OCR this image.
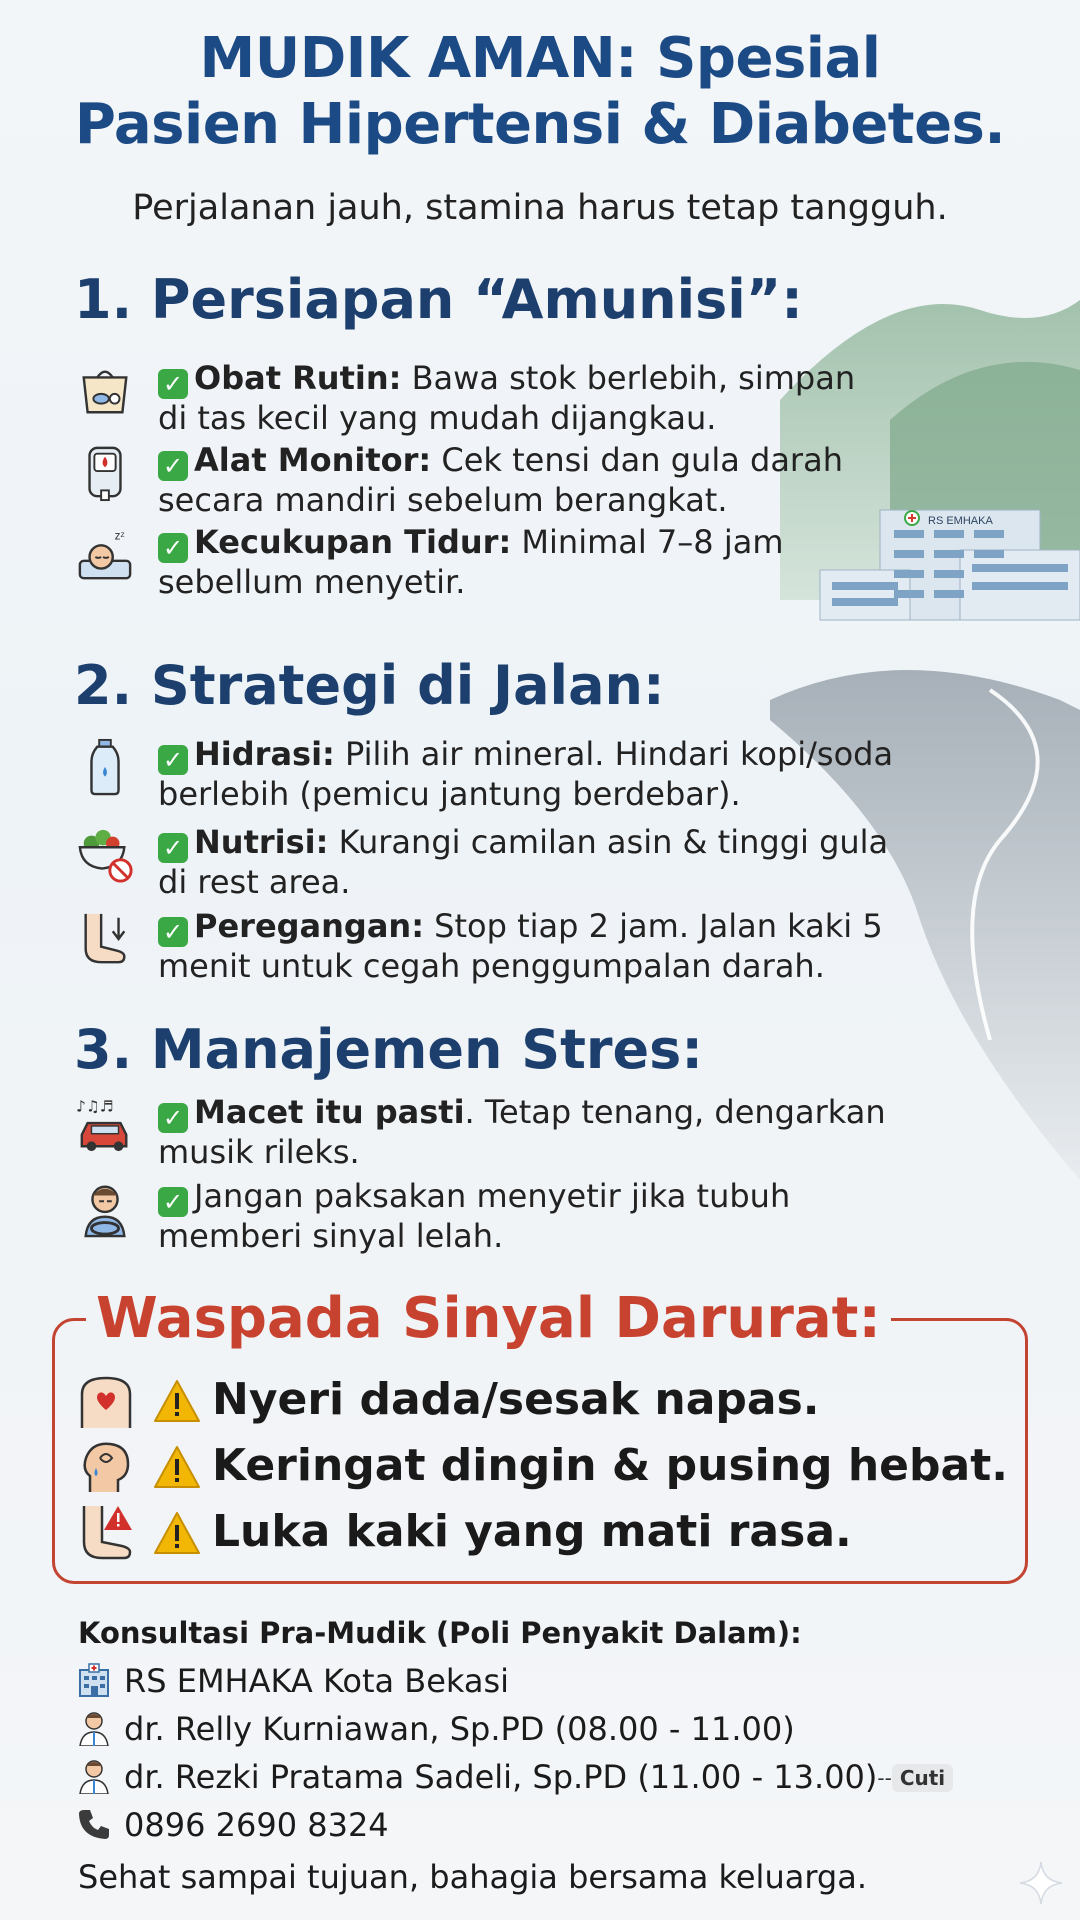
RS EMHAKA
MUDIK AMAN: Spesial
Pasien Hipertensi & Diabetes.
Perjalanan jauh, stamina harus tetap tangguh.
1. Persiapan “Amunisi”:
✓ Obat Rutin: Bawa stok berlebih, simpan
di tas kecil yang mudah dijangkau.
✓ Alat Monitor: Cek tensi dan gula darah
secara mandiri sebelum berangkat.
zᶻ ✓ Kecukupan Tidur: Minimal 7–8 jam
sebellum menyetir.
2. Strategi di Jalan:
✓ Hidrasi: Pilih air mineral. Hindari kopi/soda
berlebih (pemicu jantung berdebar).
✓ Nutrisi: Kurangi camilan asin & tinggi gula
di rest area.
✓ Peregangan: Stop tiap 2 jam. Jalan kaki 5
menit untuk cegah penggumpalan darah.
3. Manajemen Stres:
♪♫♬ ✓ Macet itu pasti. Tetap tenang, dengarkan
musik rileks.
✓ Jangan paksakan menyetir jika tubuh
memberi sinyal lelah.
Waspada Sinyal Darurat:
Nyeri dada/sesak napas.
Keringat dingin & pusing hebat.
Luka kaki yang mati rasa.
Konsultasi Pra-Mudik (Poli Penyakit Dalam):
RS EMHAKA Kota Bekasi
dr. Relly Kurniawan, Sp.PD (08.00 - 11.00)
dr. Rezki Pratama Sadeli, Sp.PD (11.00 - 13.00)-- Cuti
0896 2690 8324
Sehat sampai tujuan, bahagia bersama keluarga.
